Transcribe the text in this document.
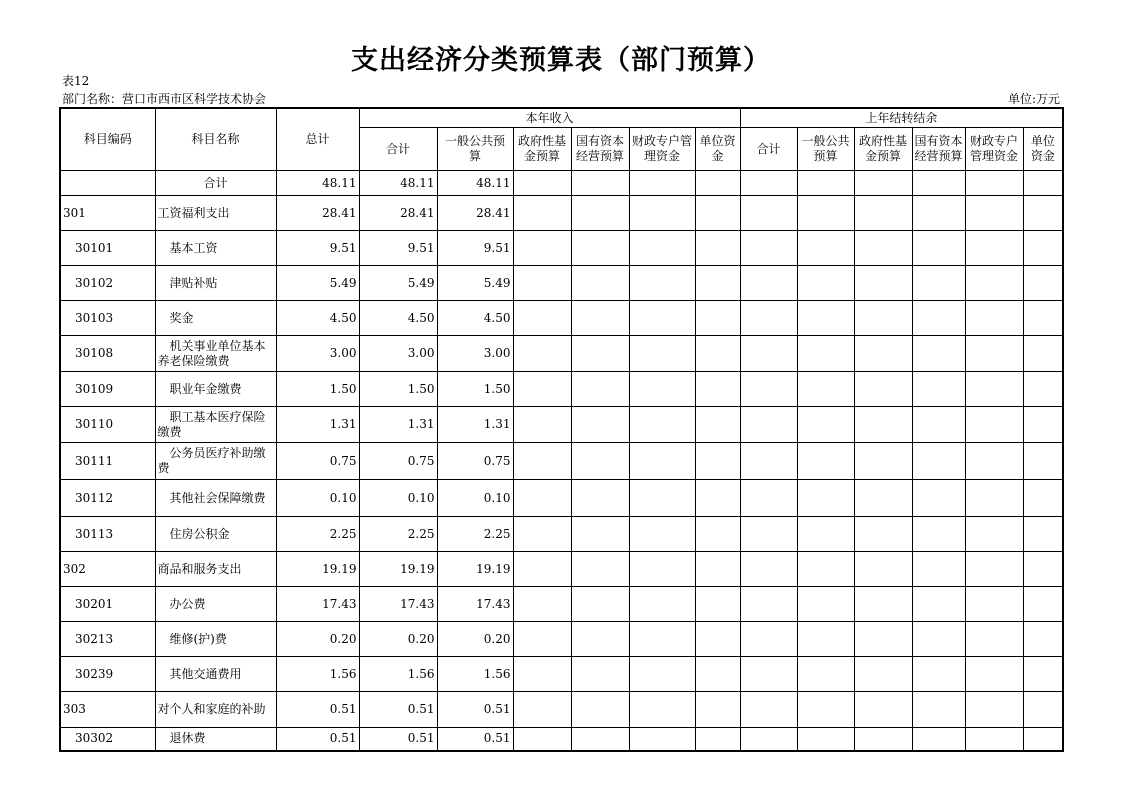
支出经济分类预算表（部门预算）
表12
部门名称：营口市西市区科学技术协会	单位:万元
科目编码	科目名称	总计	本年收入						上年结转结余					
			合计	一般公共预算	政府性基金预算	国有资本经营预算	财政专户管理资金	单位资金	合计	一般公共预算	政府性基金预算	国有资本经营预算	财政专户管理资金	单位资金
	合计	48.11	48.11	48.11										
301	工资福利支出	28.41	28.41	28.41										
30101	基本工资	9.51	9.51	9.51										
30102	津贴补贴	5.49	5.49	5.49										
30103	奖金	4.50	4.50	4.50										
30108	机关事业单位基本养老保险缴费	3.00	3.00	3.00										
30109	职业年金缴费	1.50	1.50	1.50										
30110	职工基本医疗保险缴费	1.31	1.31	1.31										
30111	公务员医疗补助缴费	0.75	0.75	0.75										
30112	其他社会保障缴费	0.10	0.10	0.10										
30113	住房公积金	2.25	2.25	2.25										
302	商品和服务支出	19.19	19.19	19.19										
30201	办公费	17.43	17.43	17.43										
30213	维修(护)费	0.20	0.20	0.20										
30239	其他交通费用	1.56	1.56	1.56										
303	对个人和家庭的补助	0.51	0.51	0.51										
30302	退休费	0.51	0.51	0.51										
